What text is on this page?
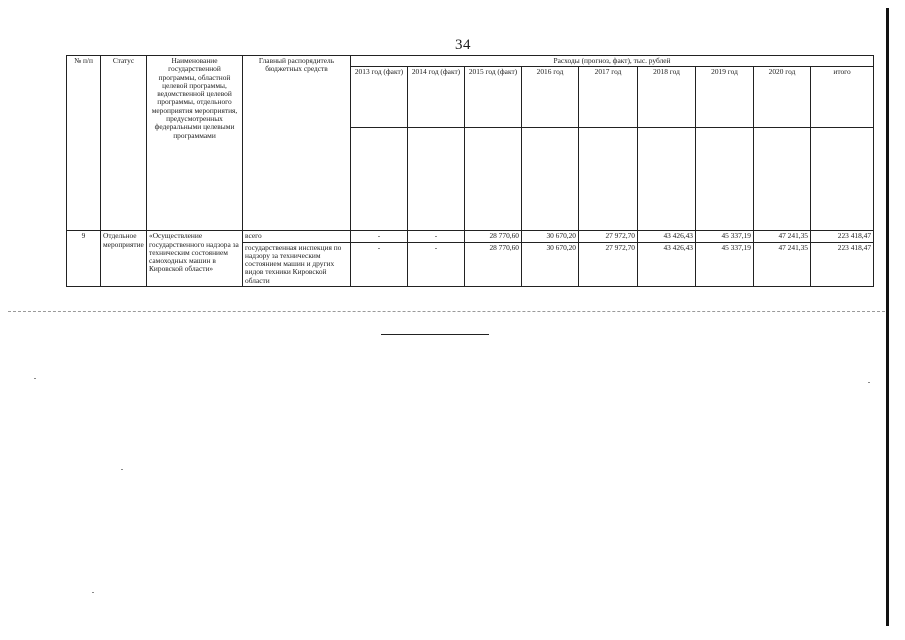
34
№ п/п	Статус	Наименование государственной программы, областной целевой программы, ведомственной целевой программы, отдельного мероприятия мероприятия, предусмотренных федеральными целевыми программами	Главный распорядитель бюджетных средств	Расходы (прогноз, факт), тыс. рублей								
				2013 год (факт)	2014 год (факт)	2015 год (факт)	2016 год	2017 год	2018 год	2019 год	2020 год	итого

9	Отдельное мероприятие	«Осуществление государственного надзора за техническим состоянием самоходных машин в Кировской области»	всего	-	-	28 770,60	30 670,20	27 972,70	43 426,43	45 337,19	47 241,35	223 418,47
			государственная инспекция по надзору за техническим состоянием машин и других видов техники Кировской области	-	-	28 770,60	30 670,20	27 972,70	43 426,43	45 337,19	47 241,35	223 418,47
